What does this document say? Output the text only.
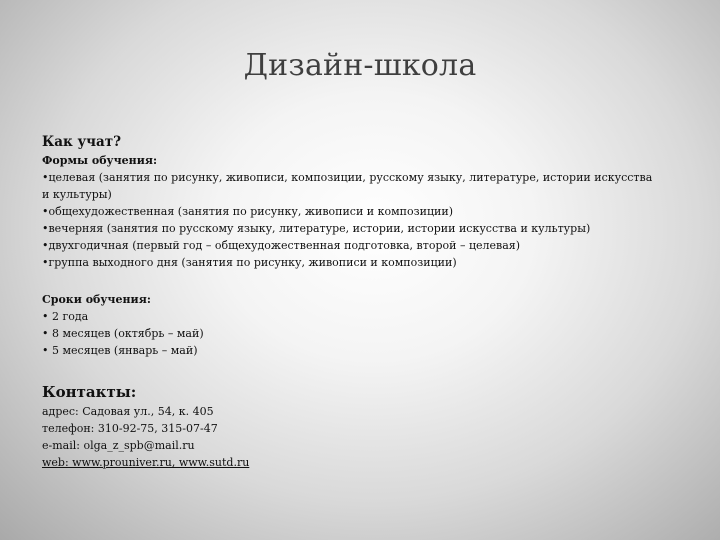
Дизайн-школа
Как учат?
Формы обучения:
•целевая (занятия по рисунку, живописи, композиции, русскому языку, литературе, истории искусства и культуры)
•общехудожественная (занятия по рисунку, живописи и композиции)
•вечерняя (занятия по русскому языку, литературе, истории, истории искусства и культуры)
•двухгодичная (первый год – общехудожественная подготовка, второй – целевая)
•группа выходного дня (занятия по рисунку, живописи и композиции)
Сроки обучения:
• 2 года
• 8 месяцев (октябрь – май)
• 5 месяцев (январь – май)
Контакты:
адрес: Садовая ул., 54, к. 405
телефон: 310-92-75, 315-07-47
e-mail: olga_z_spb@mail.ru
web: www.prouniver.ru, www.sutd.ru
